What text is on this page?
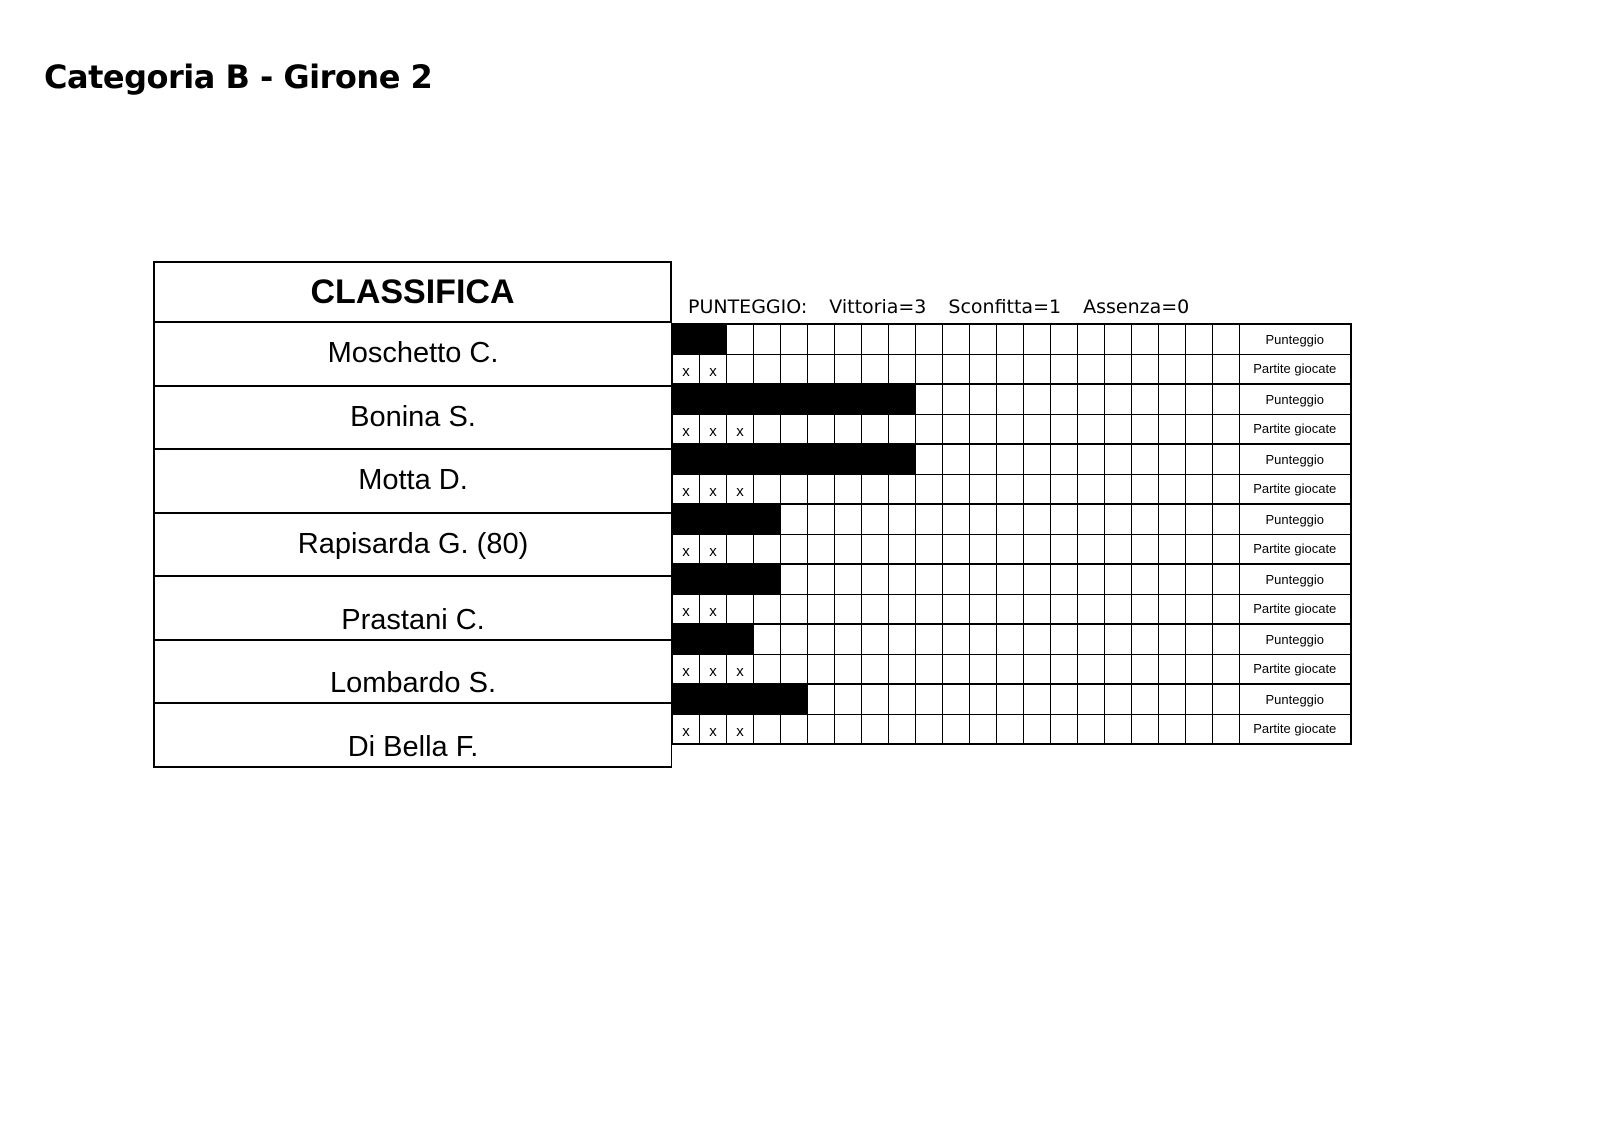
Categoria B - Girone 2
CLASSIFICA	PUNTEGGIO: Vittoria=3 Sconfitta=1 Assenza=0
Moschetto C.
Bonina S.
Motta D.
Rapisarda G. (80)
Prastani C.
Lombardo S.
Di Bella F.
																					Punteggio
x	x																				Partite giocate
																					Punteggio
x	x	x																			Partite giocate
																					Punteggio
x	x	x																			Partite giocate
																					Punteggio
x	x																				Partite giocate
																					Punteggio
x	x																				Partite giocate
																					Punteggio
x	x	x																			Partite giocate
																					Punteggio
x	x	x																			Partite giocate
